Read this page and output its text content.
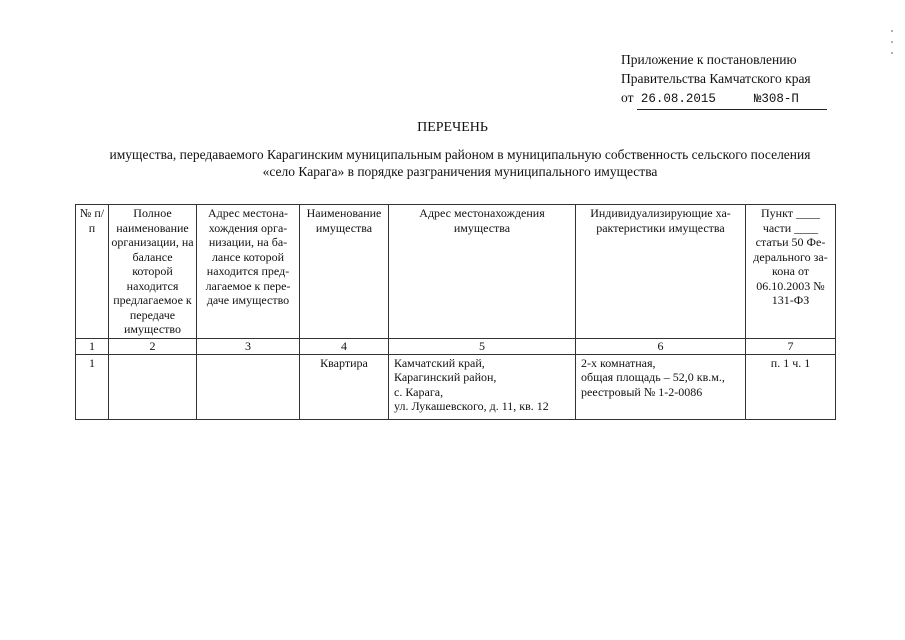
Приложение к постановлению
Правительства Камчатского края
от
26.08.2015	№308-П
ПЕРЕЧЕНЬ
имущества, передаваемого Карагинским муниципальным районом в муниципальную собственность сельского поселения
«село Карага» в порядке разграничения муниципального имущества
№ п/п	Полное наименование организации, на балансе которой находится предлагаемое к передаче имущество	Адрес местона-хождения орга-низации, на ба-лансе которой находится пред-лагаемое к пере-даче имущество	Наименование имущества	Адрес местонахождения имущества	Индивидуализирующие ха-рактеристики имущества	Пункт ____ части ____ статьи 50 Фе-дерального за-кона от 06.10.2003 № 131-ФЗ
1	2	3	4	5	6	7
1			Квартира	Камчатский край,
Карагинский район,
с. Карага,
ул. Лукашевского, д. 11, кв. 12	2-х комнатная,
общая площадь – 52,0 кв.м.,
реестровый № 1-2-0086	п. 1 ч. 1
